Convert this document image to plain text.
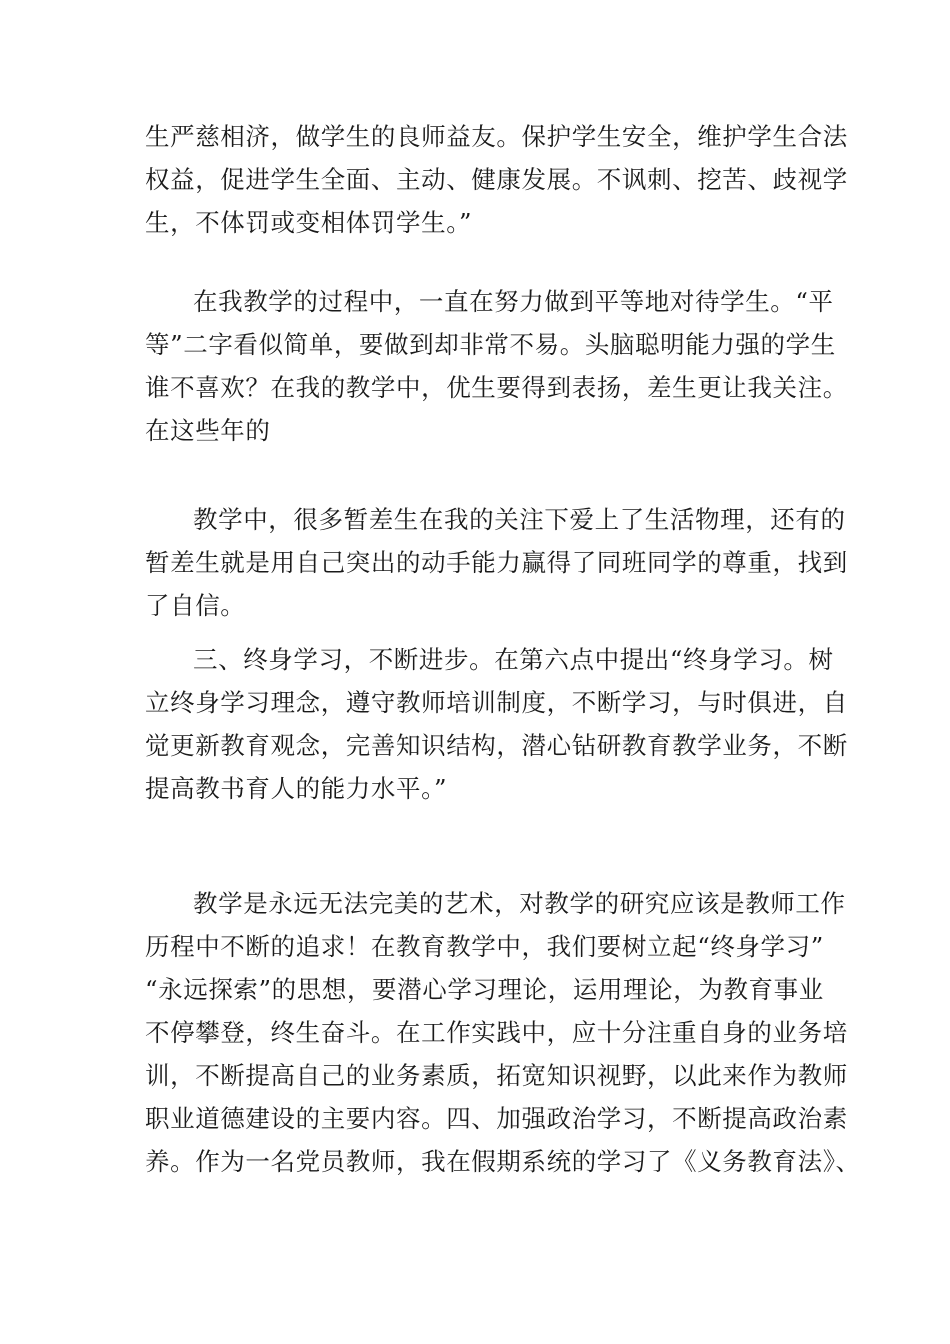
生严慈相济，做学生的良师益友。保护学生安全，维护学生合法
权益，促进学生全面、主动、健康发展。不讽刺、挖苦、歧视学
生，不体罚或变相体罚学生。”

在我教学的过程中，一直在努力做到平等地对待学生。“平
等”二字看似简单，要做到却非常不易。头脑聪明能力强的学生
谁不喜欢？在我的教学中，优生要得到表扬，差生更让我关注。
在这些年的

教学中，很多暂差生在我的关注下爱上了生活物理，还有的
暂差生就是用自己突出的动手能力赢得了同班同学的尊重，找到
了自信。

三、终身学习，不断进步。在第六点中提出“终身学习。树
立终身学习理念，遵守教师培训制度，不断学习，与时俱进，自
觉更新教育观念，完善知识结构，潜心钻研教育教学业务，不断
提高教书育人的能力水平。”

教学是永远无法完美的艺术，对教学的研究应该是教师工作
历程中不断的追求！在教育教学中，我们要树立起“终身学习”
“永远探索”的思想，要潜心学习理论，运用理论，为教育事业
不停攀登，终生奋斗。在工作实践中，应十分注重自身的业务培
训，不断提高自己的业务素质，拓宽知识视野，以此来作为教师
职业道德建设的主要内容。四、加强政治学习，不断提高政治素
养。作为一名党员教师，我在假期系统的学习了《义务教育法》、
